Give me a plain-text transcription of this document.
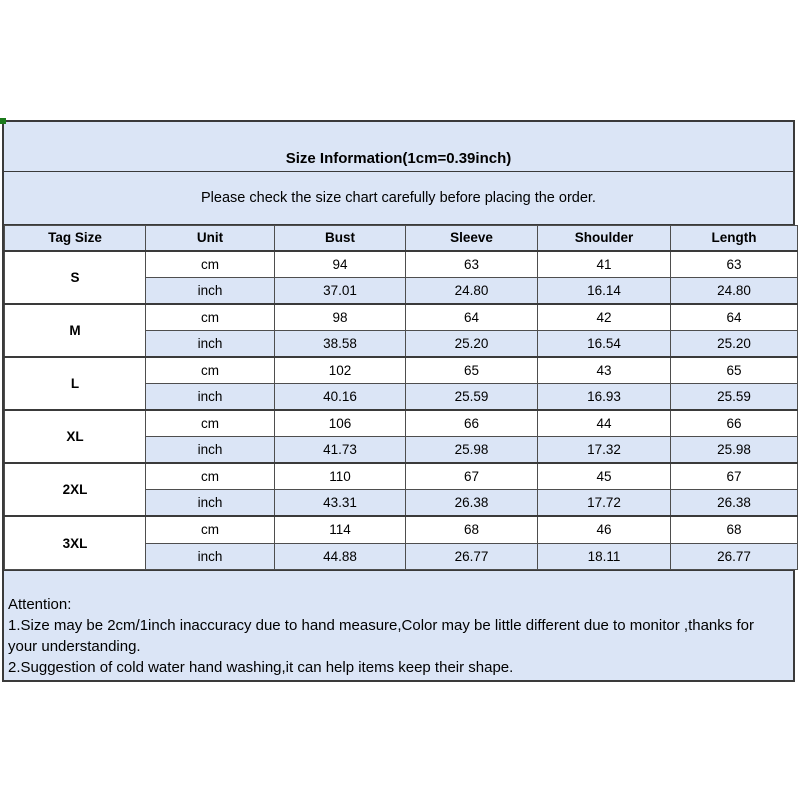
Size Information(1cm=0.39inch)
Please check the size chart carefully before placing the order.
Tag Size	Unit	Bust	Sleeve	Shoulder	Length
S	cm	94	63	41	63
	inch	37.01	24.80	16.14	24.80
M	cm	98	64	42	64
	inch	38.58	25.20	16.54	25.20
L	cm	102	65	43	65
	inch	40.16	25.59	16.93	25.59
XL	cm	106	66	44	66
	inch	41.73	25.98	17.32	25.98
2XL	cm	110	67	45	67
	inch	43.31	26.38	17.72	26.38
3XL	cm	114	68	46	68
	inch	44.88	26.77	18.11	26.77
Attention:
1.Size may be 2cm/1inch inaccuracy due to hand measure,Color may be little different due to monitor ,thanks for your understanding.
2.Suggestion of cold water hand washing,it can help items keep their shape.
